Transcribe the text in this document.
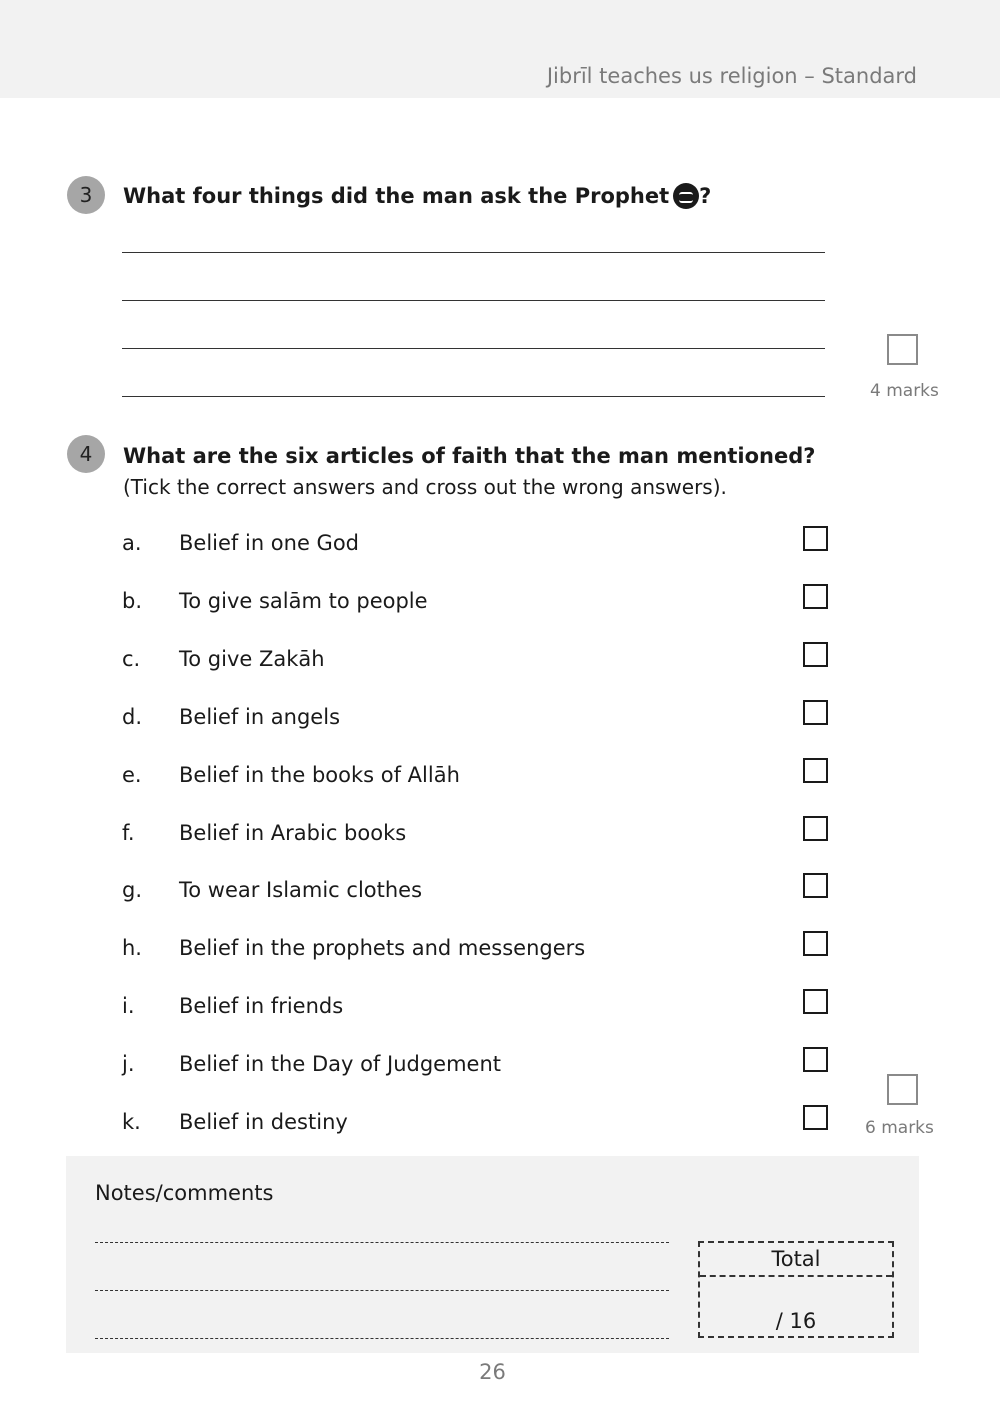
Jibrīl teaches us religion – Standard
3	What four things did the man ask the Prophet ?
4 marks
4	What are the six articles of faith that the man mentioned?
(Tick the correct answers and cross out the wrong answers).
a. Belief in one God
b. To give salām to people
c. To give Zakāh
d. Belief in angels
e. Belief in the books of Allāh
f. Belief in Arabic books
g. To wear Islamic clothes
h. Belief in the prophets and messengers
i. Belief in friends
j. Belief in the Day of Judgement
k. Belief in destiny	6 marks
Notes/comments
Total
/ 16
26
